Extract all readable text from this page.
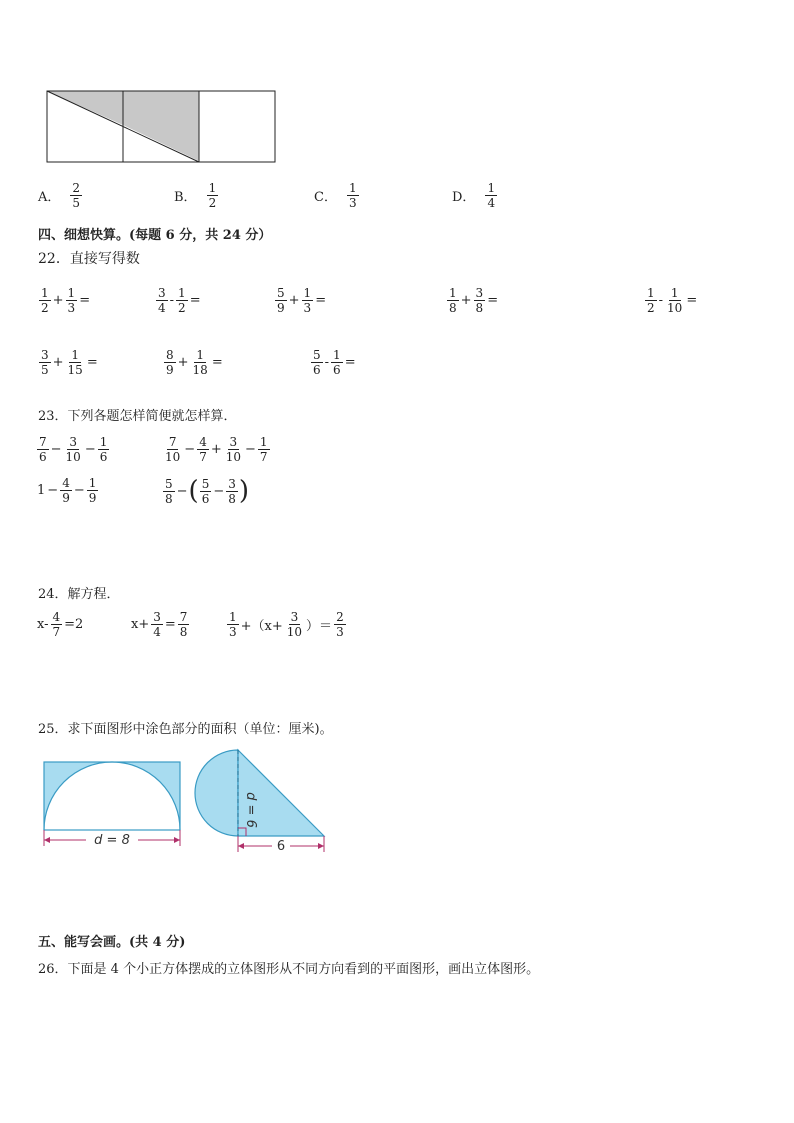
A． $\frac{2}{5}$	B． $\frac{1}{2}$	C． $\frac{1}{3}$	D． $\frac{1}{4}$
四、细想快算。(每题 6 分，共 24 分）
22．直接写得数
$\frac{1}{2} + \frac{1}{3}$ =	$\frac{3}{4} - \frac{1}{2}$ =	$\frac{5}{9} + \frac{1}{3}$ =	$\frac{1}{8} + \frac{3}{8}$ =	$\frac{1}{2} - \frac{1}{10}$ =
$\frac{3}{5} + \frac{1}{15}$ =	$\frac{8}{9} + \frac{1}{18}$ =	$\frac{5}{6} - \frac{1}{6}$ =
23．下列各题怎样简便就怎样算．
$\frac{7}{6} - \frac{3}{10} - \frac{1}{6}$	$\frac{7}{10} - \frac{4}{7} + \frac{3}{10} - \frac{1}{7}$
$1 - \frac{4}{9} - \frac{1}{9}$	$\frac{5}{8}$ − ( $\frac{5}{6} - \frac{3}{8}$ )
24．解方程．
$x- \frac{4}{7} =2$	$x+ \frac{3}{4} = \frac{7}{8}$	$\frac{1}{3} +(x+ \frac{3}{10}$ ）＝ $\frac{2}{3}$
25．求下面图形中涂色部分的面积（单位：厘米)。
d = 8	6
d = 6
五、能写会画。(共 4 分)
26．下面是 4 个小正方体摆成的立体图形从不同方向看到的平面图形，画出立体图形。
